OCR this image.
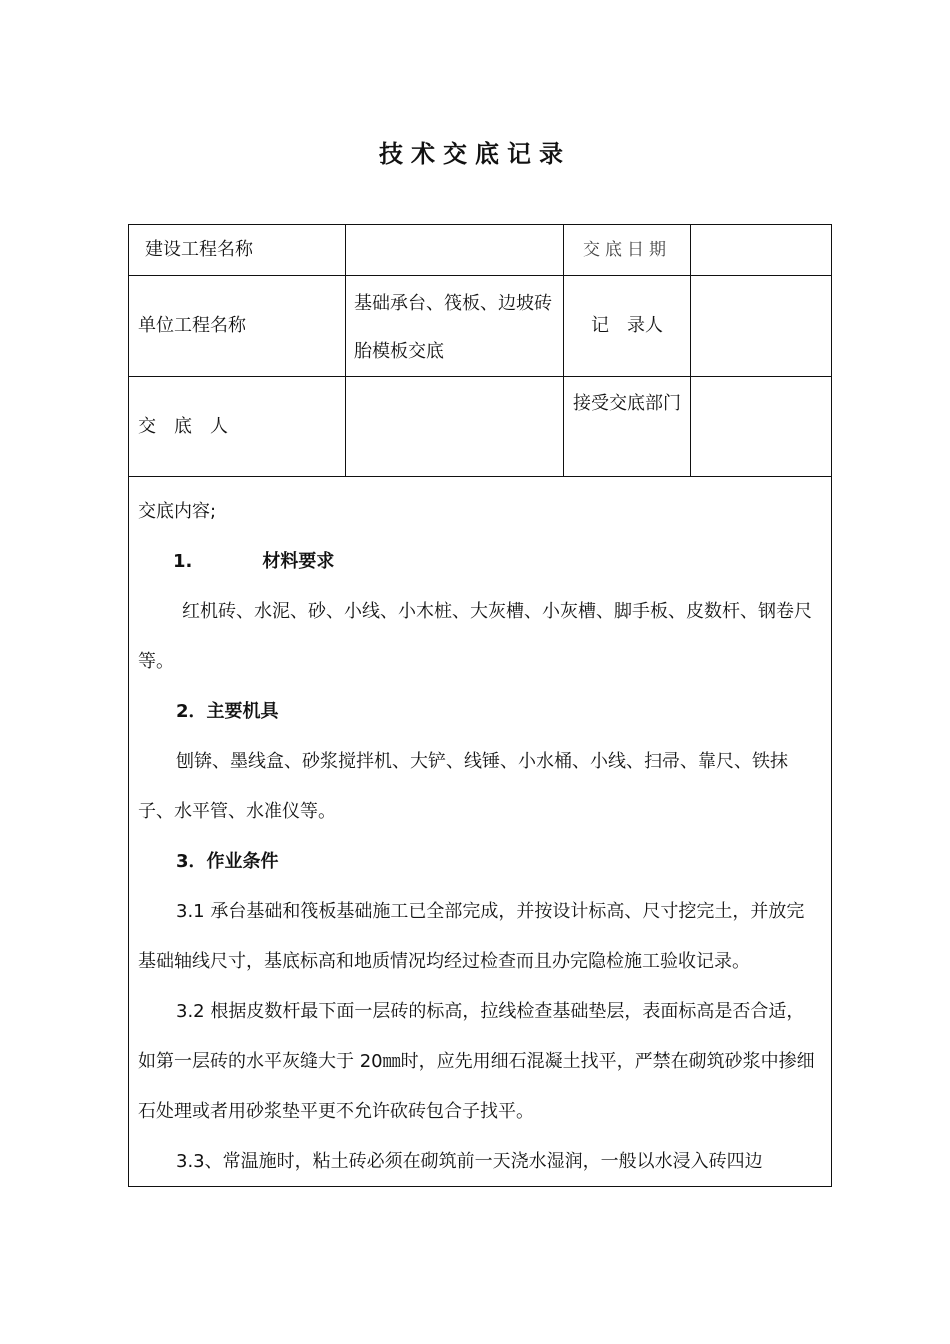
技术交底记录
建设工程名称	交底日期
单位工程名称
基础承台、筏板、边坡砖胎模板交底
记　录人
交　底　人
接受交底部门

交底内容;

1.	材料要求

红机砖、水泥、砂、小线、小木桩、大灰槽、小灰槽、脚手板、皮数杆、钢卷尺等。

2．主要机具

刨锛、墨线盒、砂浆搅拌机、大铲、线锤、小水桶、小线、扫帚、靠尺、铁抹子、水平管、水准仪等。

3．作业条件

3.1 承台基础和筏板基础施工已全部完成，并按设计标高、尺寸挖完土，并放完基础轴线尺寸，基底标高和地质情况均经过检查而且办完隐检施工验收记录。

3.2 根据皮数杆最下面一层砖的标高，拉线检查基础垫层，表面标高是否合适，如第一层砖的水平灰缝大于 20㎜时，应先用细石混凝土找平，严禁在砌筑砂浆中掺细石处理或者用砂浆垫平更不允许砍砖包合子找平。

3.3、常温施时，粘土砖必须在砌筑前一天浇水湿润，一般以水浸入砖四边
